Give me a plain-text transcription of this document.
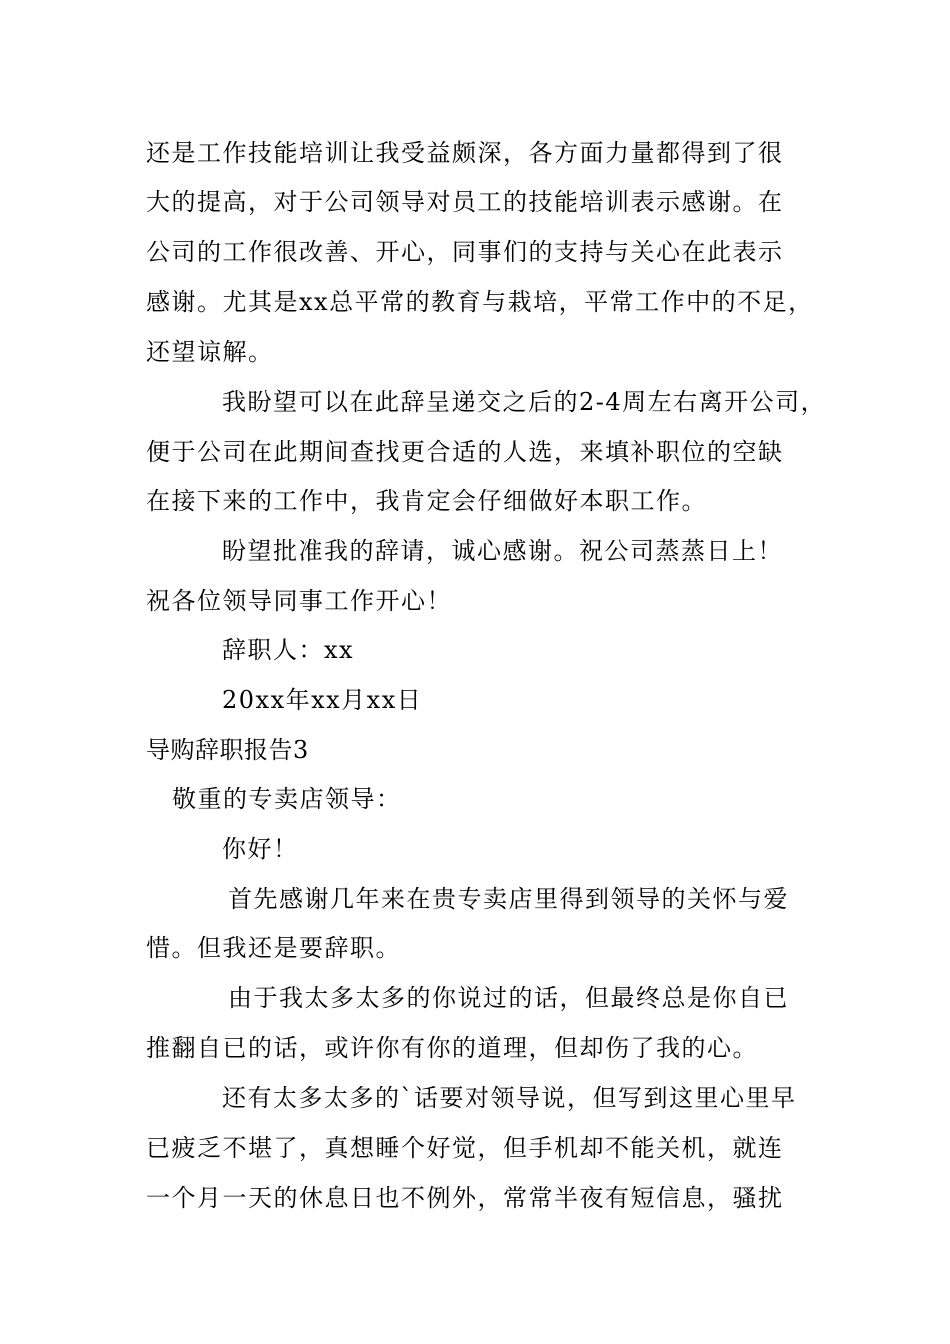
还是工作技能培训让我受益颇深，各方面力量都得到了很
大的提高，对于公司领导对员工的技能培训表示感谢。在
公司的工作很改善、开心，同事们的支持与关心在此表示
感谢。尤其是xx总平常的教育与栽培，平常工作中的不足，
还望谅解。
我盼望可以在此辞呈递交之后的2-4周左右离开公司，
便于公司在此期间查找更合适的人选，来填补职位的空缺
在接下来的工作中，我肯定会仔细做好本职工作。
盼望批准我的辞请，诚心感谢。祝公司蒸蒸日上！
祝各位领导同事工作开心！
辞职人：xx
20xx年xx月xx日
导购辞职报告3
敬重的专卖店领导：
你好！
首先感谢几年来在贵专卖店里得到领导的关怀与爱
惜。但我还是要辞职。
由于我太多太多的你说过的话，但最终总是你自已
推翻自已的话，或许你有你的道理，但却伤了我的心。
还有太多太多的`话要对领导说，但写到这里心里早
已疲乏不堪了，真想睡个好觉，但手机却不能关机，就连
一个月一天的休息日也不例外，常常半夜有短信息，骚扰
